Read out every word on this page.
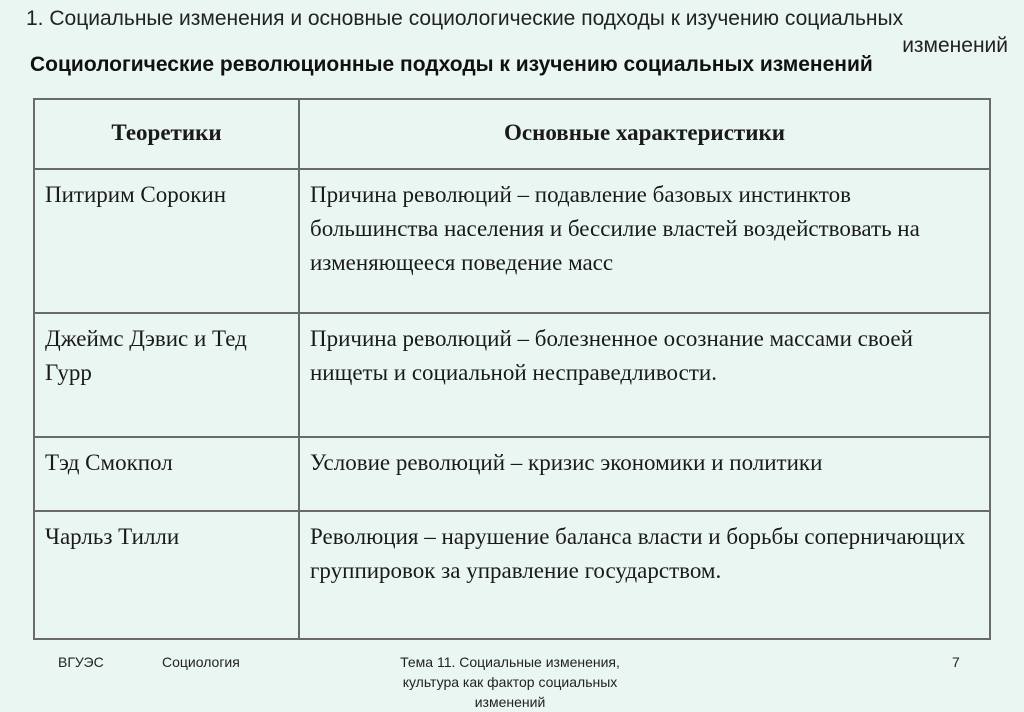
1. Социальные изменения и основные социологические подходы к изучению социальных
изменений
Социологические революционные подходы к изучению социальных изменений
Теоретики	Основные характеристики
Питирим Сорокин	Причина революций – подавление базовых инстинктов большинства населения и бессилие властей воздействовать на изменяющееся поведение масс
Джеймс Дэвис и Тед Гурр	Причина революций – болезненное осознание массами своей нищеты и социальной несправедливости.
Тэд Смокпол	Условие революций – кризис экономики и политики
Чарльз Тилли	Революция – нарушение баланса власти и борьбы соперничающих группировок за управление государством.
ВГУЭС	Социология	Тема 11. Социальные изменения,
культура как фактор социальных
изменений
7
